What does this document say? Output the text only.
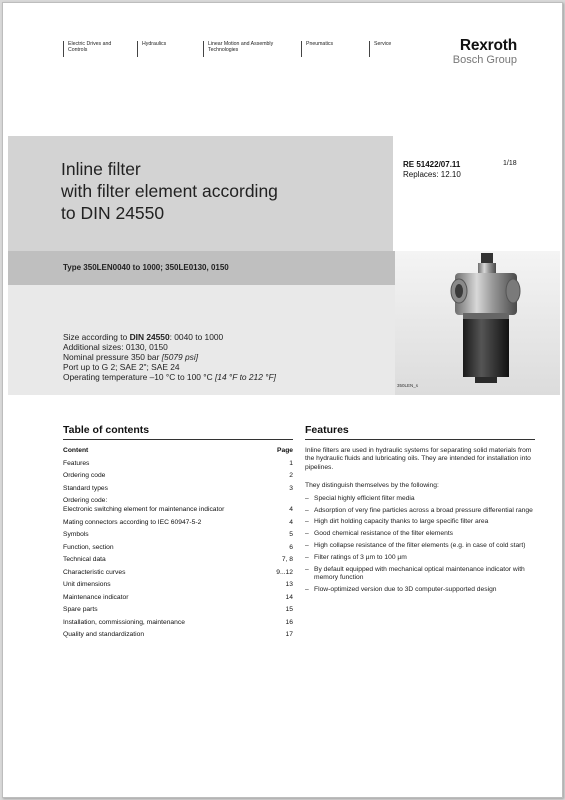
Electric Drives and Controls
Hydraulics	Linear Motion and Assembly Technologies
Pneumatics	Service	Rexroth
Bosch Group
Inline filter
with filter element according
to DIN 24550
RE 51422/07.11
Replaces: 12.10
1/18
Type 350LEN0040 to 1000; 350LE0130, 0150
Size according to DIN 24550: 0040 to 1000
Additional sizes: 0130, 0150
Nominal pressure 350 bar [5079 psi]
Port up to G 2; SAE 2"; SAE 24
Operating temperature –10 °C to 100 °C [14 °F to 212 °F]
350LEN_s
Table of contents
Content	Page
Features	1
Ordering code	2
Standard types	3
Ordering code:
Electronic switching element for maintenance indicator	4
Mating connectors according to IEC 60947-5-2	4
Symbols	5
Function, section	6
Technical data	7, 8
Characteristic curves	9...12
Unit dimensions	13
Maintenance indicator	14
Spare parts	15
Installation, commissioning, maintenance	16
Quality and standardization	17
Features

Inline filters are used in hydraulic systems for separating solid materials from the hydraulic fluids and lubricating oils. They are intended for installation into pipelines.

They distinguish themselves by the following:

– Special highly efficient filter media
– Adsorption of very fine particles across a broad pressure differential range
– High dirt holding capacity thanks to large specific filter area
– Good chemical resistance of the filter elements
– High collapse resistance of the filter elements (e.g. in case of cold start)
– Filter ratings of 3 µm to 100 µm
– By default equipped with mechanical optical maintenance indicator with memory function
– Flow-optimized version due to 3D computer-supported design
